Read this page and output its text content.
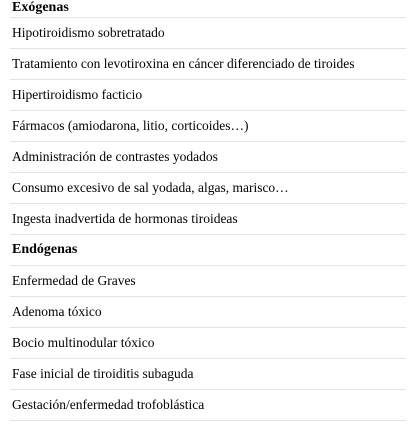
Exógenas
Hipotiroidismo sobretratado
Tratamiento con levotiroxina en cáncer diferenciado de tiroides
Hipertiroidismo facticio
Fármacos (amiodarona, litio, corticoides…)
Administración de contrastes yodados
Consumo excesivo de sal yodada, algas, marisco…
Ingesta inadvertida de hormonas tiroideas
Endógenas
Enfermedad de Graves
Adenoma tóxico
Bocio multinodular tóxico
Fase inicial de tiroiditis subaguda
Gestación/enfermedad trofoblástica
